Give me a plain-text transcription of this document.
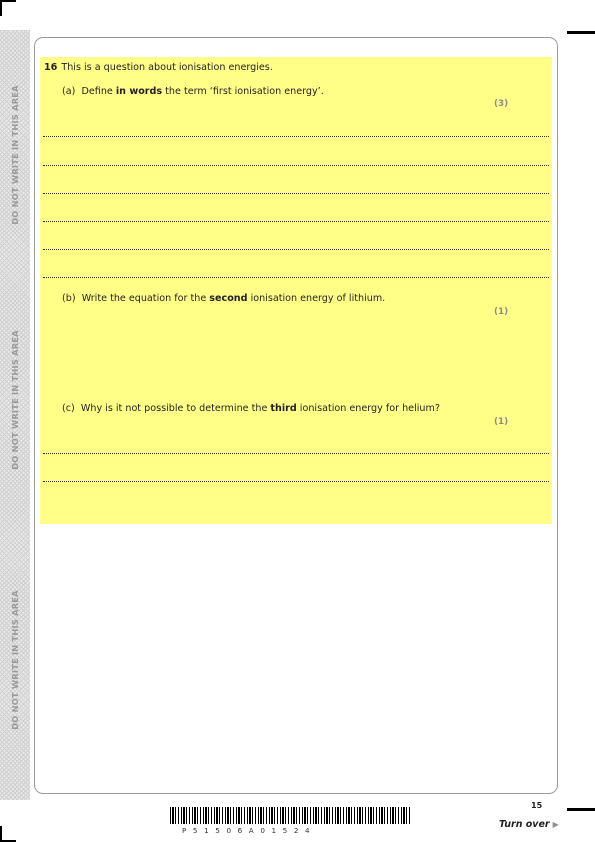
DO NOT WRITE IN THIS AREA
DO NOT WRITE IN THIS AREA
DO NOT WRITE IN THIS AREA
16 This is a question about ionisation energies.
(a) Define in words the term ‘first ionisation energy’.
(3)
(b) Write the equation for the second ionisation energy of lithium.
(1)
(c) Why is it not possible to determine the third ionisation energy for helium?
(1)
P51506A01524
15
Turn over ▶
